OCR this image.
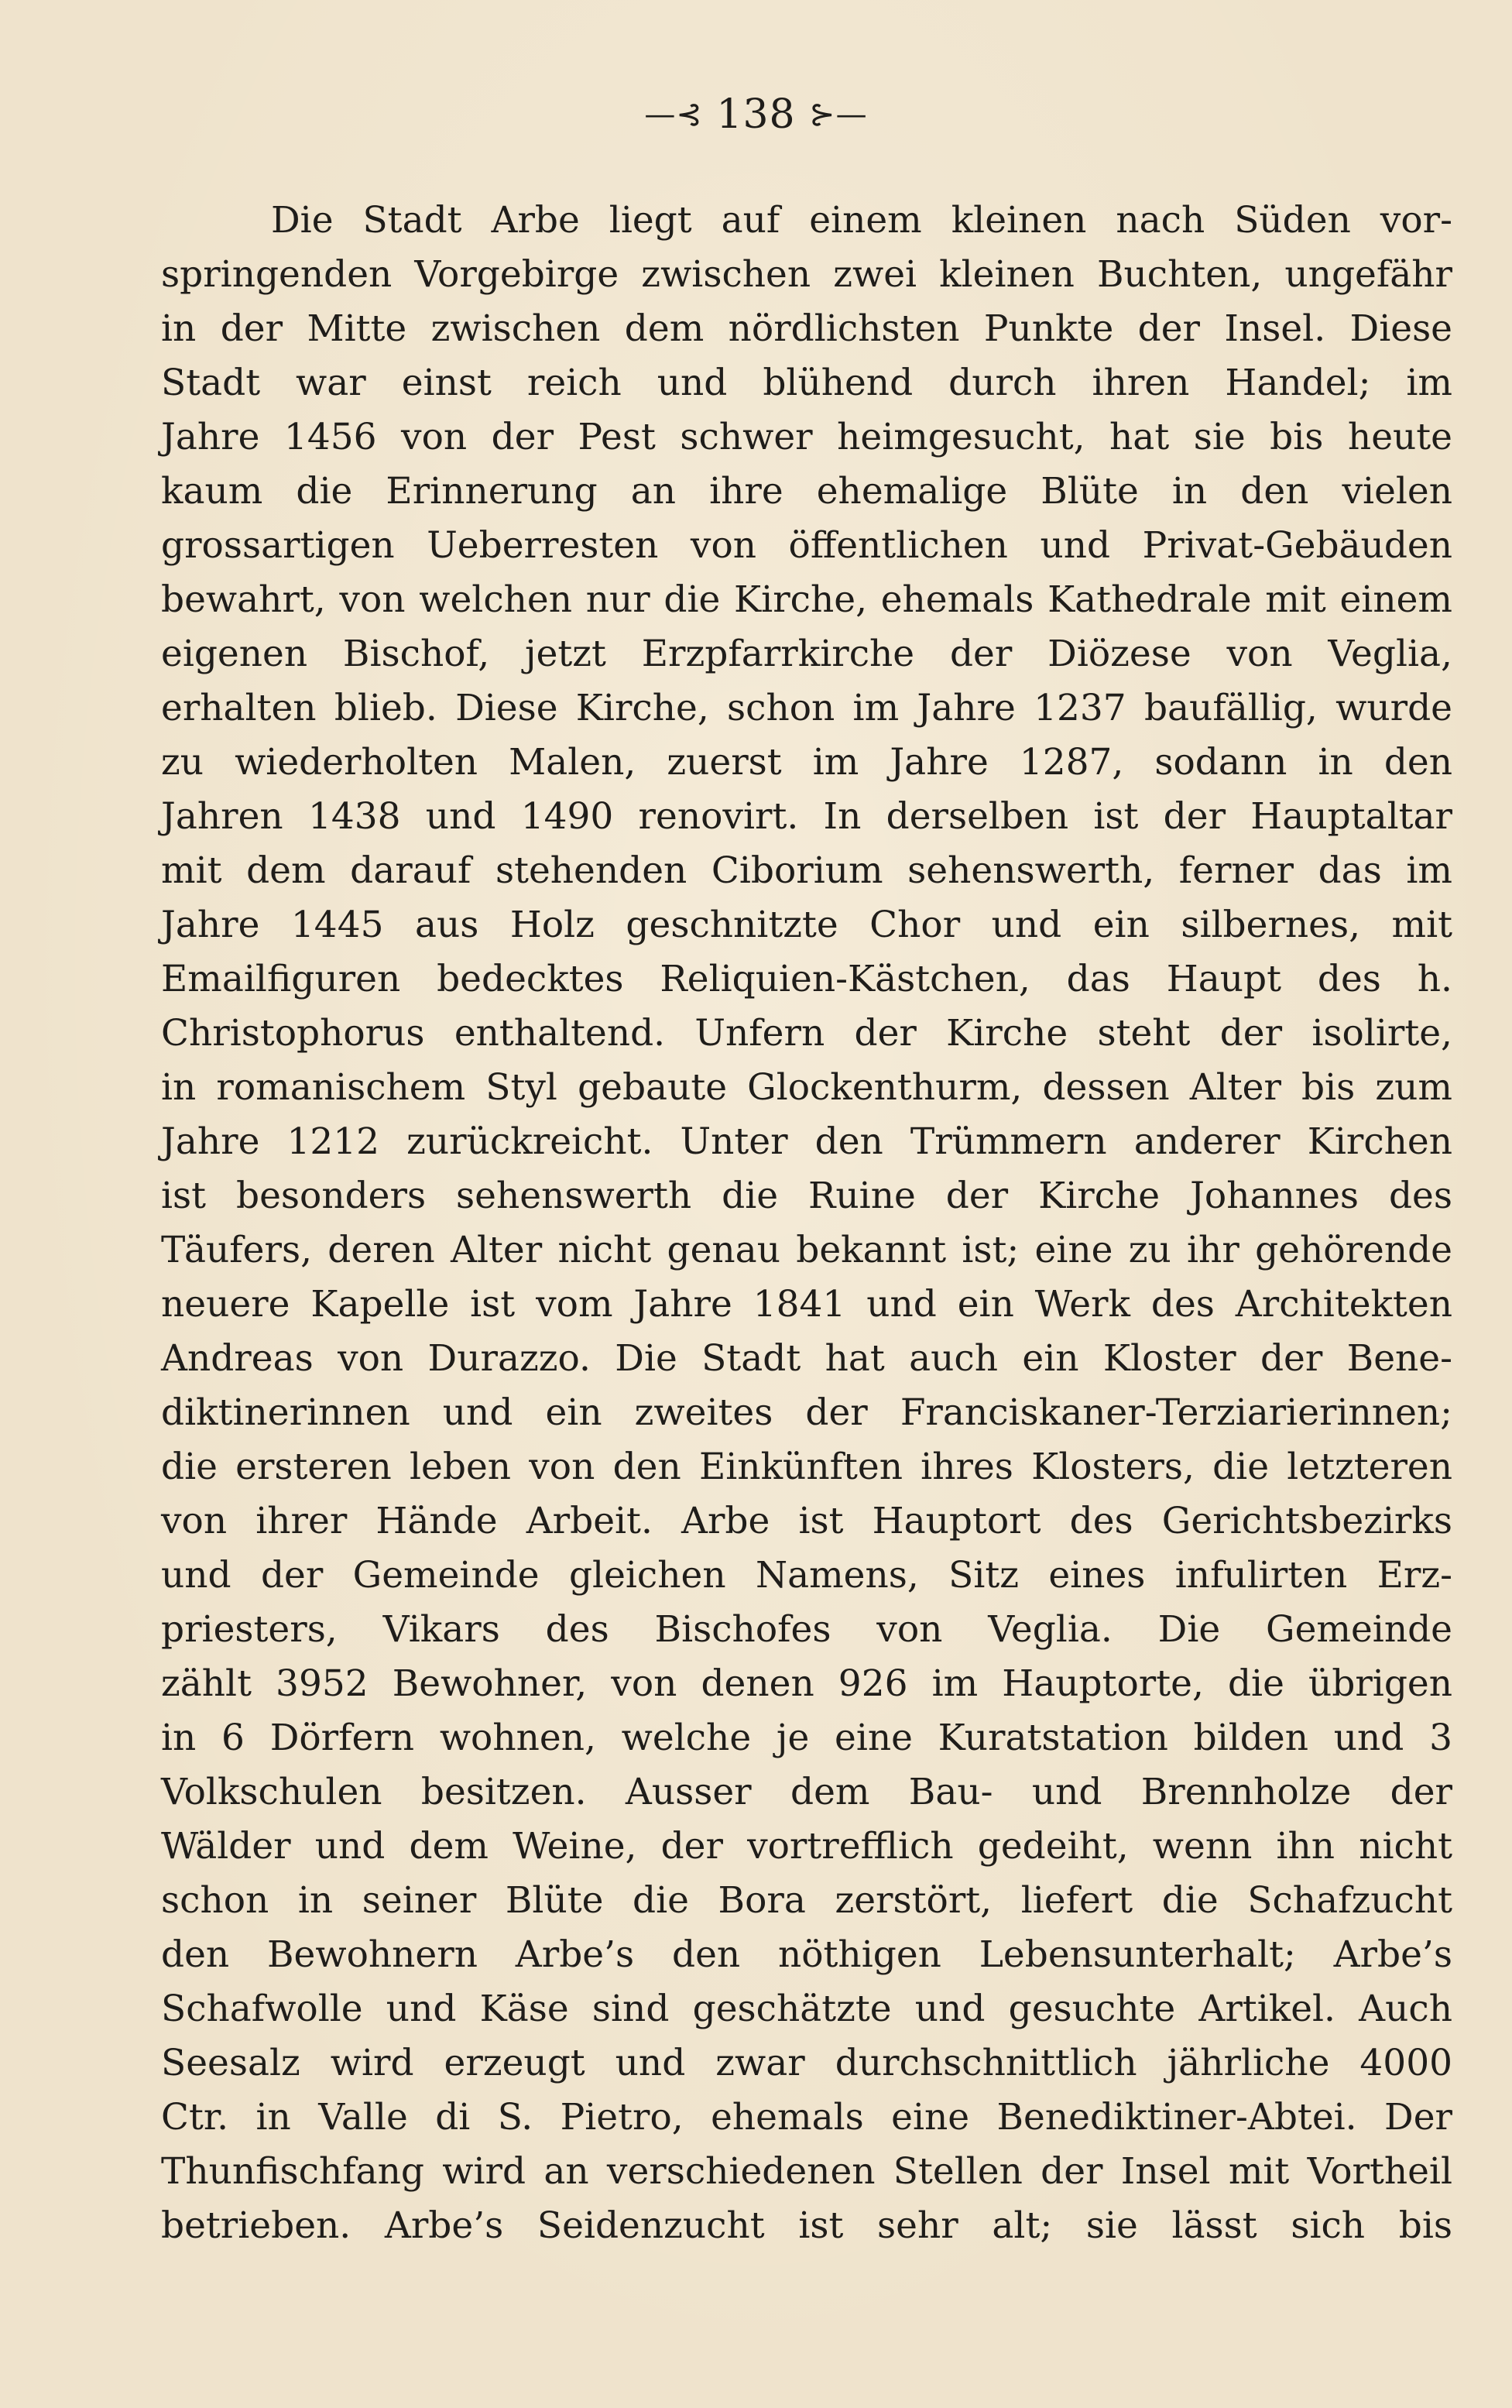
—⊰ 138 ⊱—
Die Stadt Arbe liegt auf einem kleinen nach Süden vor-
springenden Vorgebirge zwischen zwei kleinen Buchten, ungefähr
in der Mitte zwischen dem nördlichsten Punkte der Insel. Diese
Stadt war einst reich und blühend durch ihren Handel; im
Jahre 1456 von der Pest schwer heimgesucht, hat sie bis heute
kaum die Erinnerung an ihre ehemalige Blüte in den vielen
grossartigen Ueberresten von öffentlichen und Privat-Gebäuden
bewahrt, von welchen nur die Kirche, ehemals Kathedrale mit einem
eigenen Bischof, jetzt Erzpfarrkirche der Diözese von Veglia,
erhalten blieb. Diese Kirche, schon im Jahre 1237 baufällig, wurde
zu wiederholten Malen, zuerst im Jahre 1287, sodann in den
Jahren 1438 und 1490 renovirt. In derselben ist der Hauptaltar
mit dem darauf stehenden Ciborium sehenswerth, ferner das im
Jahre 1445 aus Holz geschnitzte Chor und ein silbernes, mit
Emailfiguren bedecktes Reliquien-Kästchen, das Haupt des h.
Christophorus enthaltend. Unfern der Kirche steht der isolirte,
in romanischem Styl gebaute Glockenthurm, dessen Alter bis zum
Jahre 1212 zurückreicht. Unter den Trümmern anderer Kirchen
ist besonders sehenswerth die Ruine der Kirche Johannes des
Täufers, deren Alter nicht genau bekannt ist; eine zu ihr gehörende
neuere Kapelle ist vom Jahre 1841 und ein Werk des Architekten
Andreas von Durazzo. Die Stadt hat auch ein Kloster der Bene-
diktinerinnen und ein zweites der Franciskaner-Terziarierinnen;
die ersteren leben von den Einkünften ihres Klosters, die letzteren
von ihrer Hände Arbeit. Arbe ist Hauptort des Gerichtsbezirks
und der Gemeinde gleichen Namens, Sitz eines infulirten Erz-
priesters, Vikars des Bischofes von Veglia. Die Gemeinde
zählt 3952 Bewohner, von denen 926 im Hauptorte, die übrigen
in 6 Dörfern wohnen, welche je eine Kuratstation bilden und 3
Volkschulen besitzen. Ausser dem Bau- und Brennholze der
Wälder und dem Weine, der vortrefflich gedeiht, wenn ihn nicht
schon in seiner Blüte die Bora zerstört, liefert die Schafzucht
den Bewohnern Arbe’s den nöthigen Lebensunterhalt; Arbe’s
Schafwolle und Käse sind geschätzte und gesuchte Artikel. Auch
Seesalz wird erzeugt und zwar durchschnittlich jährliche 4000
Ctr. in Valle di S. Pietro, ehemals eine Benediktiner-Abtei. Der
Thunfischfang wird an verschiedenen Stellen der Insel mit Vortheil
betrieben. Arbe’s Seidenzucht ist sehr alt; sie lässt sich bis
